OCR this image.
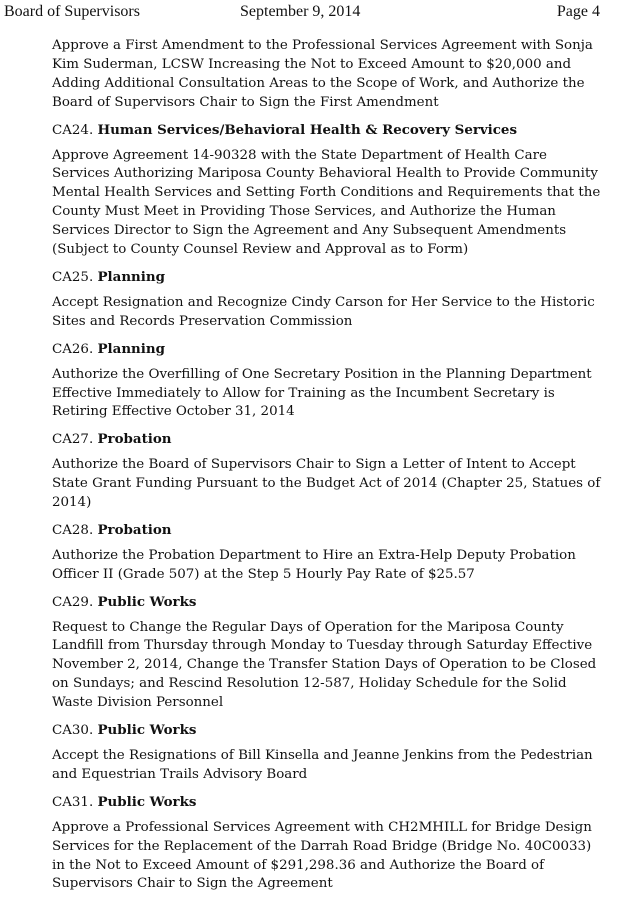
Board of Supervisors	September 9, 2014	Page 4

Approve a First Amendment to the Professional Services Agreement with Sonja Kim Suderman, LCSW Increasing the Not to Exceed Amount to $20,000 and Adding Additional Consultation Areas to the Scope of Work, and Authorize the Board of Supervisors Chair to Sign the First Amendment

CA24. Human Services/Behavioral Health & Recovery Services

Approve Agreement 14-90328 with the State Department of Health Care Services Authorizing Mariposa County Behavioral Health to Provide Community Mental Health Services and Setting Forth Conditions and Requirements that the County Must Meet in Providing Those Services, and Authorize the Human Services Director to Sign the Agreement and Any Subsequent Amendments (Subject to County Counsel Review and Approval as to Form)

CA25. Planning

Accept Resignation and Recognize Cindy Carson for Her Service to the Historic Sites and Records Preservation Commission

CA26. Planning

Authorize the Overfilling of One Secretary Position in the Planning Department Effective Immediately to Allow for Training as the Incumbent Secretary is Retiring Effective October 31, 2014

CA27. Probation

Authorize the Board of Supervisors Chair to Sign a Letter of Intent to Accept State Grant Funding Pursuant to the Budget Act of 2014 (Chapter 25, Statues of 2014)

CA28. Probation

Authorize the Probation Department to Hire an Extra-Help Deputy Probation Officer II (Grade 507) at the Step 5 Hourly Pay Rate of $25.57

CA29. Public Works

Request to Change the Regular Days of Operation for the Mariposa County Landfill from Thursday through Monday to Tuesday through Saturday Effective November 2, 2014, Change the Transfer Station Days of Operation to be Closed on Sundays; and Rescind Resolution 12-587, Holiday Schedule for the Solid Waste Division Personnel

CA30. Public Works

Accept the Resignations of Bill Kinsella and Jeanne Jenkins from the Pedestrian and Equestrian Trails Advisory Board

CA31. Public Works

Approve a Professional Services Agreement with CH2MHILL for Bridge Design Services for the Replacement of the Darrah Road Bridge (Bridge No. 40C0033) in the Not to Exceed Amount of $291,298.36 and Authorize the Board of Supervisors Chair to Sign the Agreement
